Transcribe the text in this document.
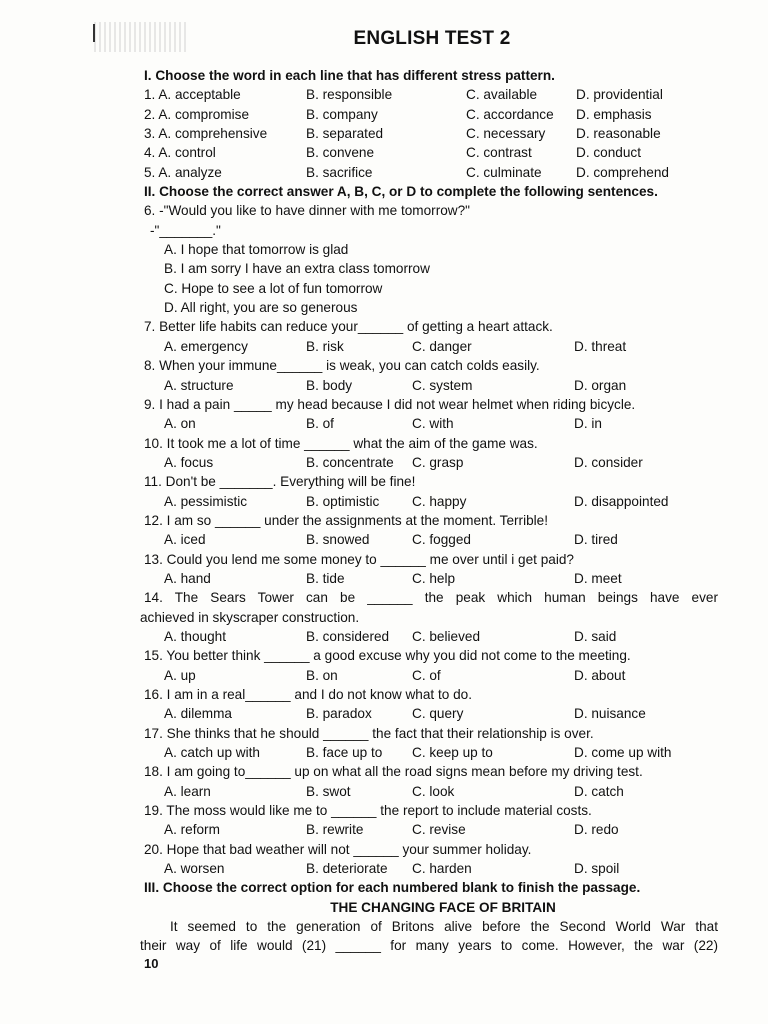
ENGLISH TEST 2
I. Choose the word in each line that has different stress pattern.
1. A. acceptable	B. responsible	C. available	D. providential
2. A. compromise	B. company	C. accordance D. emphasis
3. A. comprehensive	B. separated	C. necessary D. reasonable
4. A. control	B. convene	C. contrast	D. conduct
5. A. analyze	B. sacrifice	C. culminate	D. comprehend
II. Choose the correct answer A, B, C, or D to complete the following sentences.
6. -"Would you like to have dinner with me tomorrow?"
-"_______."
A. I hope that tomorrow is glad
B. I am sorry I have an extra class tomorrow
C. Hope to see a lot of fun tomorrow
D. All right, you are so generous
7. Better life habits can reduce your______ of getting a heart attack.
A. emergency	B. risk	C. danger	D. threat
8. When your immune______ is weak, you can catch colds easily.
A. structure	B. body	C. system	D. organ
9. I had a pain _____ my head because I did not wear helmet when riding bicycle.
A. on	B. of	C. with	D. in
10. It took me a lot of time ______ what the aim of the game was.
A. focus	B. concentrate C. grasp	D. consider
11. Don't be _______. Everything will be fine!
A. pessimistic	B. optimistic C. happy	D. disappointed
12. I am so ______ under the assignments at the moment. Terrible!
A. iced	B. snowed	C. fogged	D. tired
13. Could you lend me some money to ______ me over until i get paid?
A. hand	B. tide	C. help	D. meet
14. The Sears Tower can be ______ the peak which human beings have ever
achieved in skyscraper construction.
A. thought	B. considered C. believed	D. said
15. You better think ______ a good excuse why you did not come to the meeting.
A. up	B. on	C. of	D. about
16. I am in a real______ and I do not know what to do.
A. dilemma	B. paradox	C. query	D. nuisance
17. She thinks that he should ______ the fact that their relationship is over.
A. catch up with	B. face up to C. keep up to	D. come up with
18. I am going to______ up on what all the road signs mean before my driving test.
A. learn	B. swot	C. look	D. catch
19. The moss would like me to ______ the report to include material costs.
A. reform	B. rewrite	C. revise	D. redo
20. Hope that bad weather will not ______ your summer holiday.
A. worsen	B. deteriorate C. harden	D. spoil
III. Choose the correct option for each numbered blank to finish the passage.
THE CHANGING FACE OF BRITAIN
It seemed to the generation of Britons alive before the Second World War that
their way of life would (21) ______ for many years to come. However, the war (22)
10
